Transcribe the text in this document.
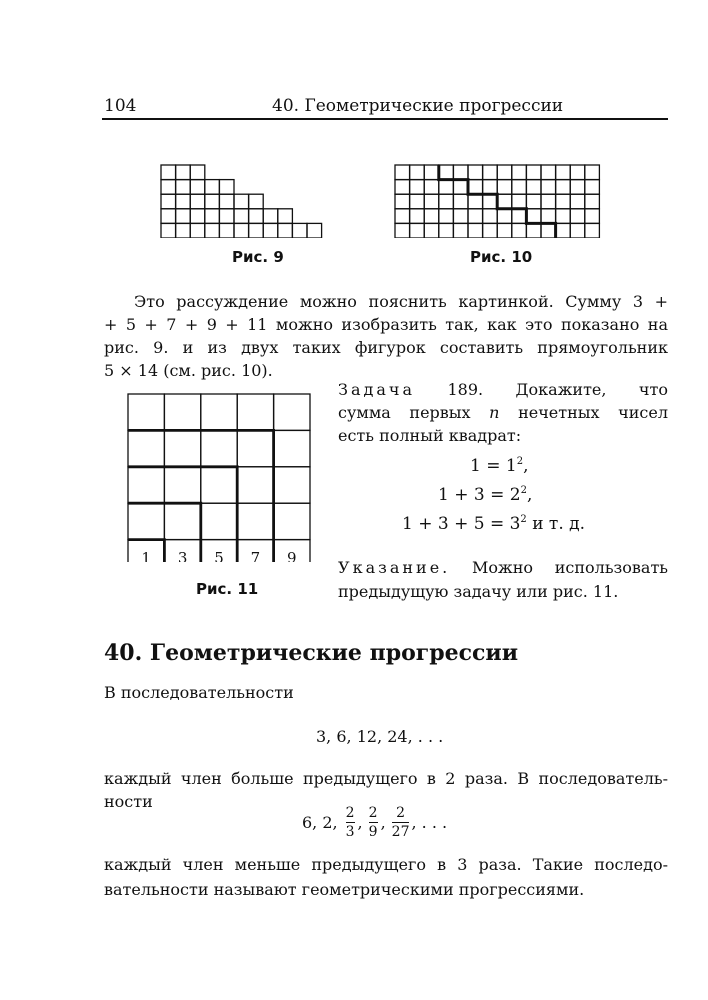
104	40. Геометрические прогрессии
Рис. 9	Рис. 10
Это рассуждение можно пояснить картинкой. Сумму 3 +
+ 5 + 7 + 9 + 11 можно изобразить так, как это показано на
рис. 9. и из двух таких фигурок составить прямоугольник
5 × 14 (см. рис. 10).
1 3 5 7 9
Рис. 11
Задача 189. Докажите, что
сумма первых n нечетных чисел
есть полный квадрат:
$1 = 1^2$,
$1 + 3 = 2^2$,
$1 + 3 + 5 = 3^2$ и т. д.
Указание. Можно использовать
предыдущую задачу или рис. 11.
40. Геометрические прогрессии
В последовательности
3, 6, 12, 24, . . .
каждый член больше предыдущего в 2 раза. В последователь-
ности
6, 2, $\frac{2}{3}$ , $\frac{2}{9}$ , $\frac{2}{27}$ , . . .
каждый член меньше предыдущего в 3 раза. Такие последо-
вательности называют геометрическими прогрессиями.
